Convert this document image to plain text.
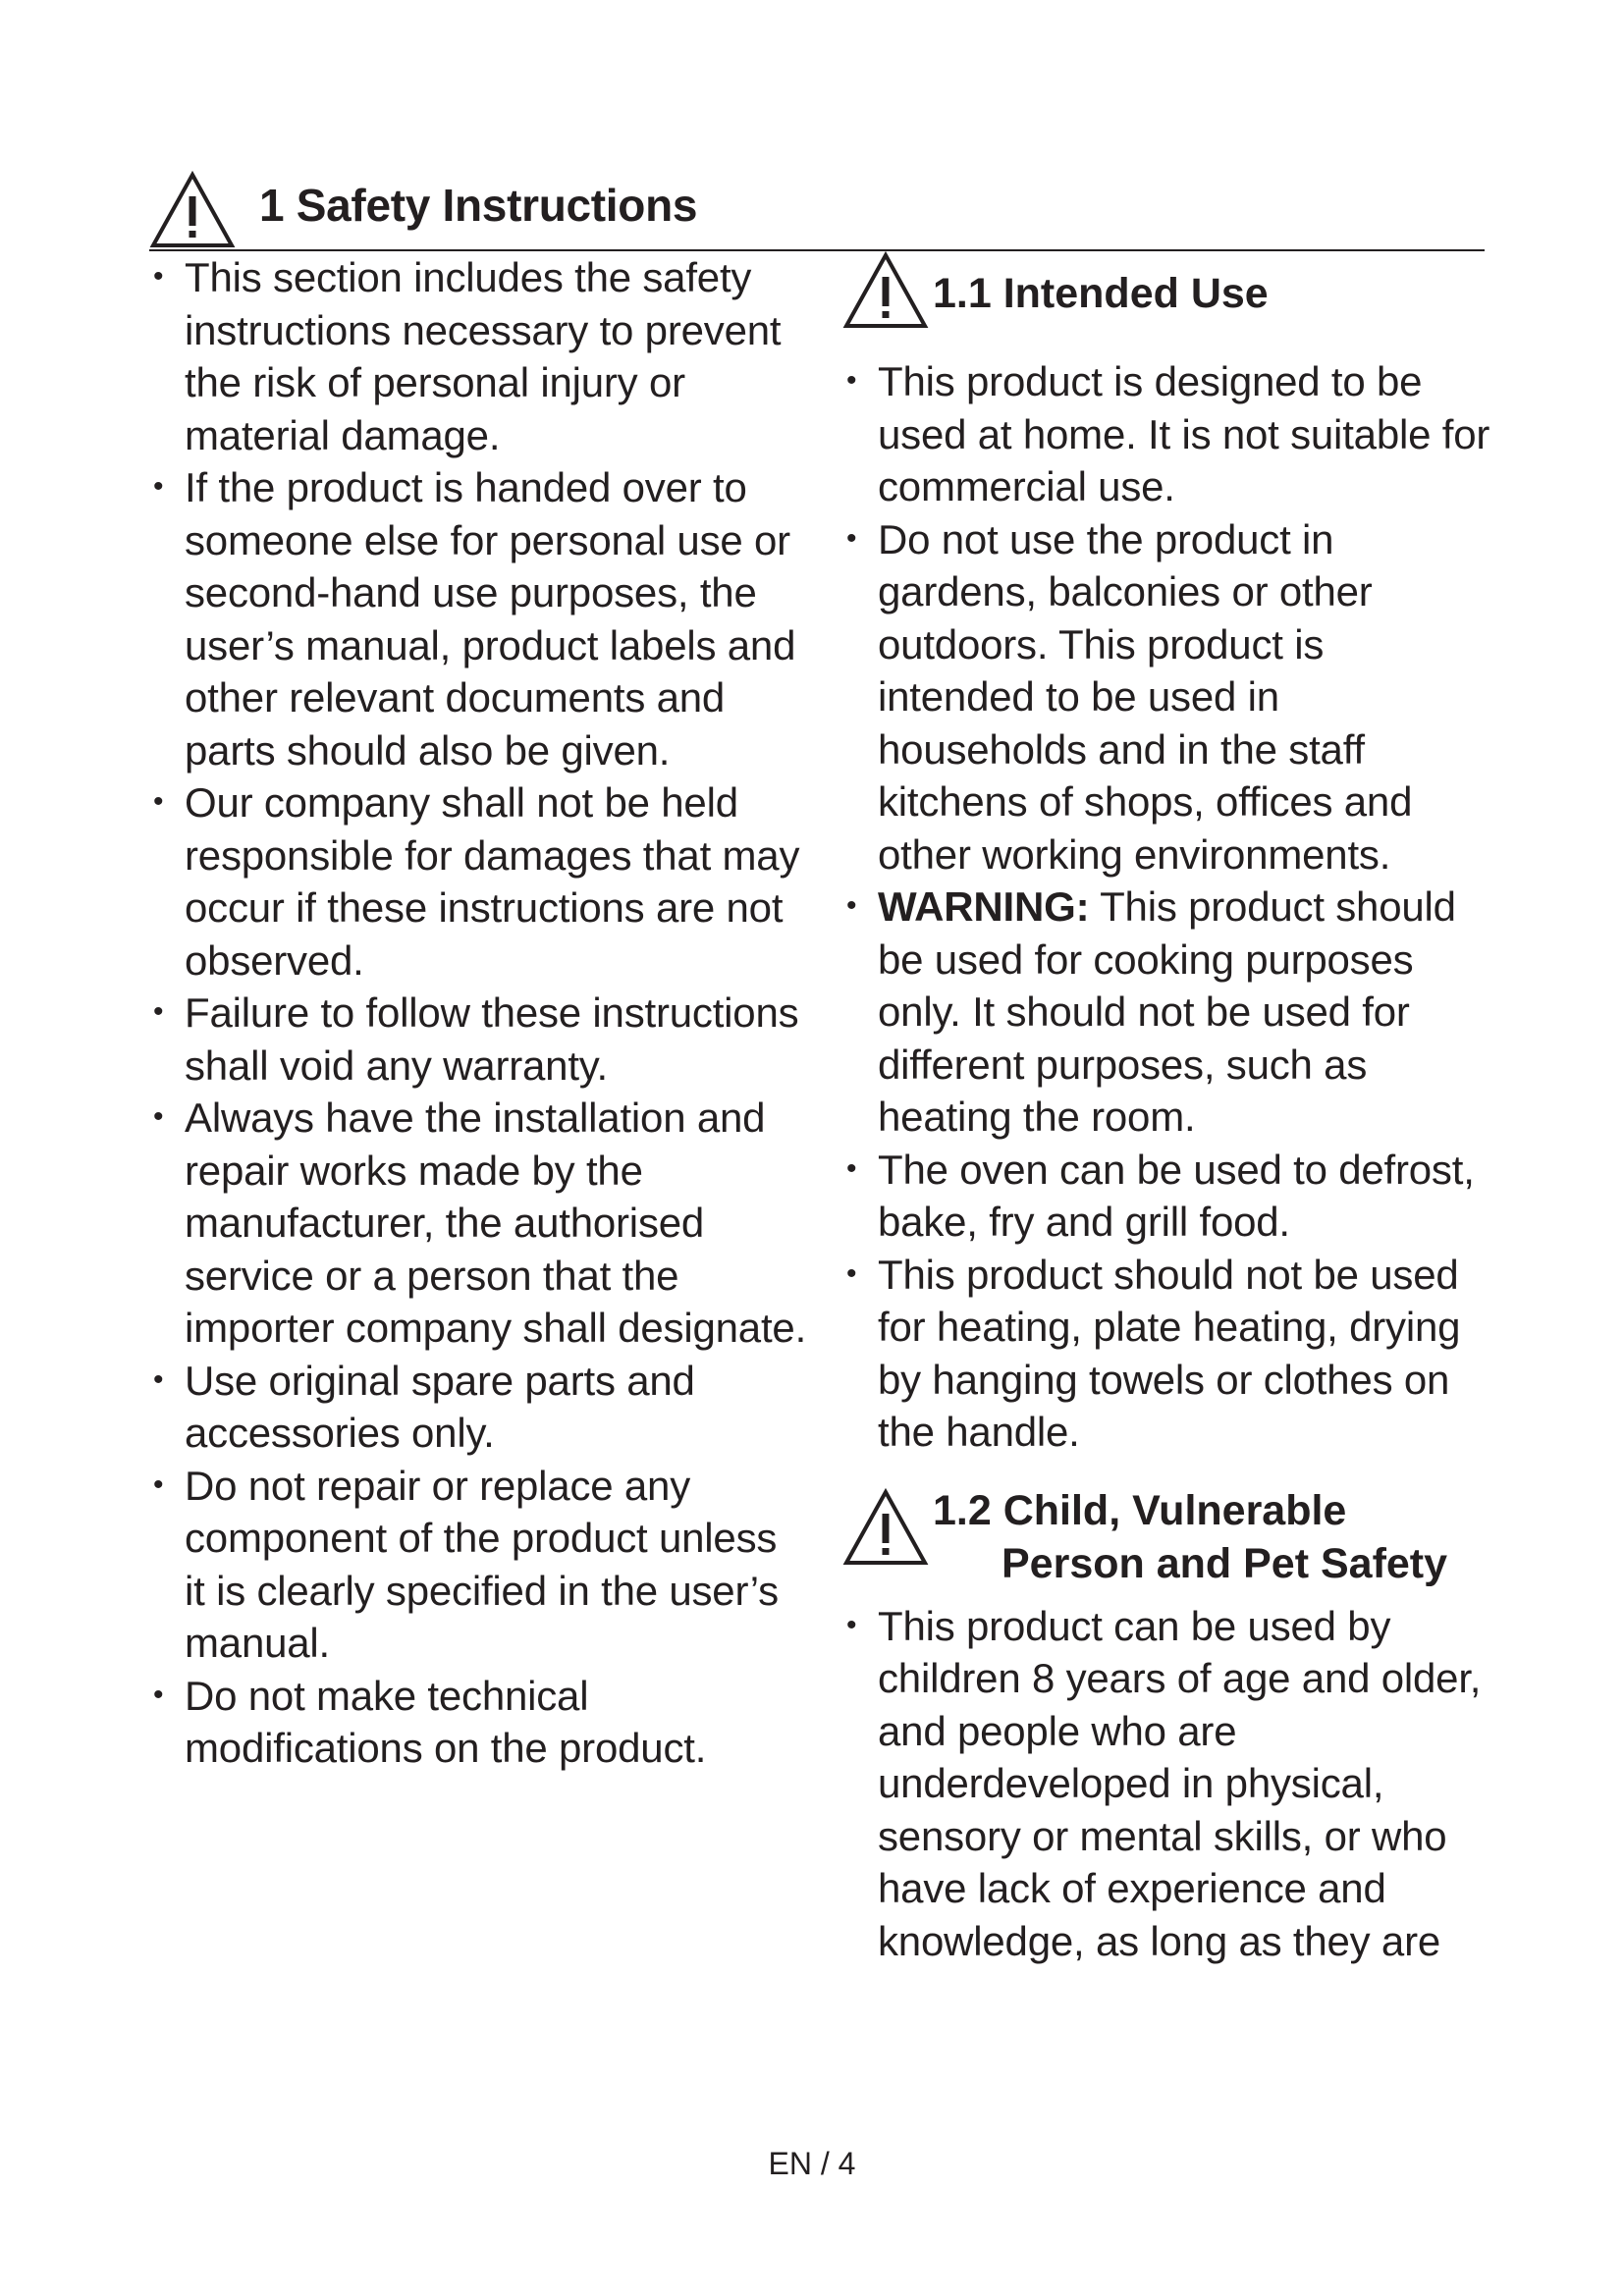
1 Safety Instructions
• This section includes the safety instructions necessary to prevent the risk of personal injury or material damage.
• If the product is handed over to someone else for personal use or second-hand use purposes, the user’s manual, product labels and other relevant documents and parts should also be given.
• Our company shall not be held responsible for damages that may occur if these instructions are not observed.
• Failure to follow these instructions shall void any warranty.
• Always have the installation and repair works made by the manufacturer, the authorised service or a person that the importer company shall designate.
• Use original spare parts and accessories only.
• Do not repair or replace any component of the product unless it is clearly specified in the user’s manual.
• Do not make technical modifications on the product.
1.1 Intended Use
• This product is designed to be used at home. It is not suitable for commercial use.
• Do not use the product in gardens, balconies or other outdoors. This product is intended to be used in households and in the staff kitchens of shops, offices and other working environments.
• WARNING: This product should be used for cooking purposes only. It should not be used for different purposes, such as heating the room.
• The oven can be used to defrost, bake, fry and grill food.
• This product should not be used for heating, plate heating, drying by hanging towels or clothes on the handle.
1.2 Child, Vulnerable
Person and Pet Safety
• This product can be used by children 8 years of age and older, and people who are underdeveloped in physical, sensory or mental skills, or who have lack of experience and knowledge, as long as they are
EN / 4
